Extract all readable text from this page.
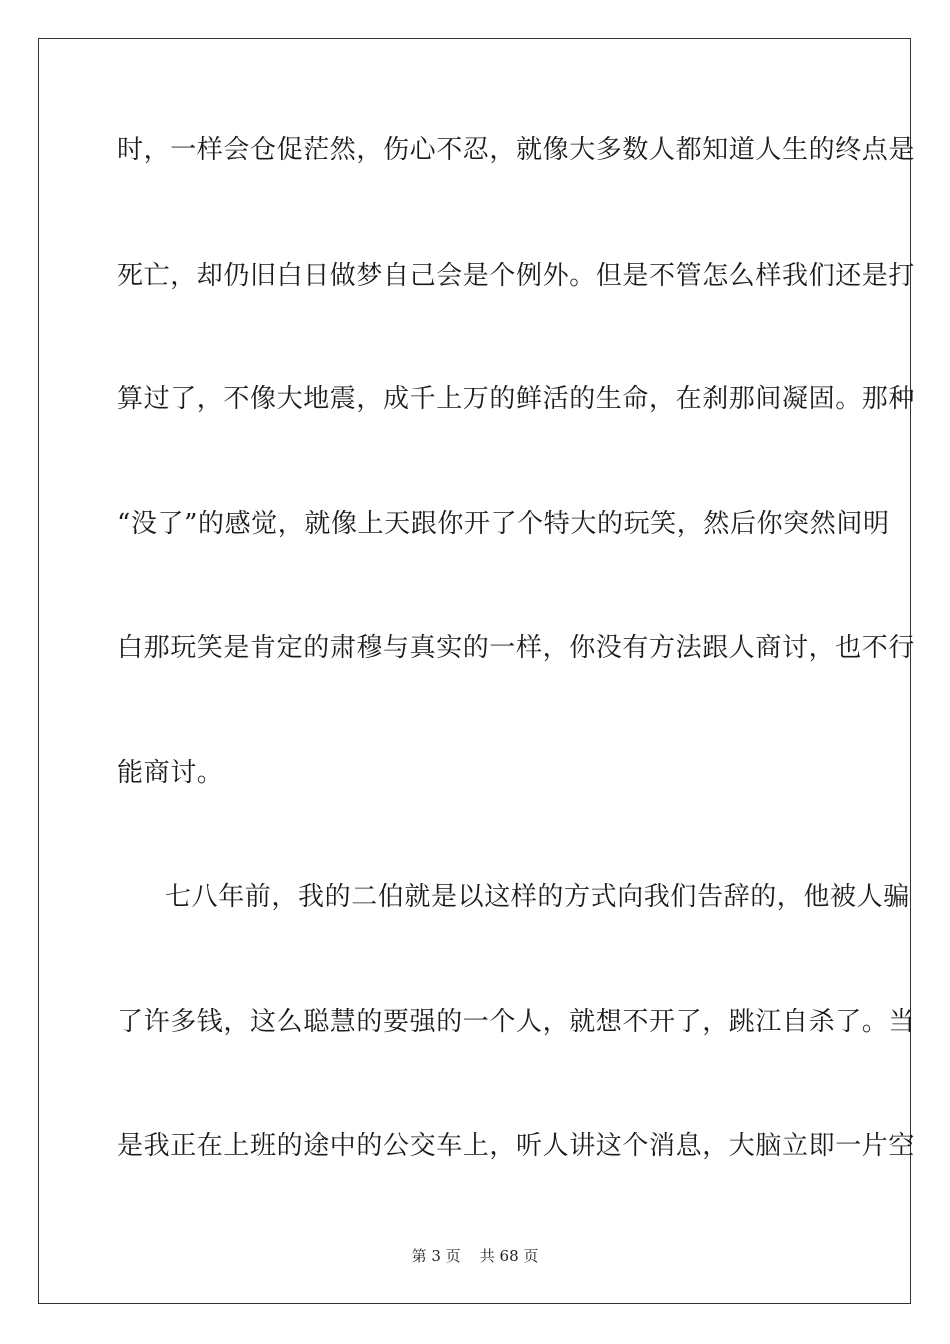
时，一样会仓促茫然，伤心不忍，就像大多数人都知道人生的终点是
死亡，却仍旧白日做梦自己会是个例外。但是不管怎么样我们还是打
算过了，不像大地震，成千上万的鲜活的生命，在刹那间凝固。那种
“没了”的感觉，就像上天跟你开了个特大的玩笑，然后你突然间明
白那玩笑是肯定的肃穆与真实的一样，你没有方法跟人商讨，也不行
能商讨。
七八年前，我的二伯就是以这样的方式向我们告辞的，他被人骗
了许多钱，这么聪慧的要强的一个人，就想不开了，跳江自杀了。当
是我正在上班的途中的公交车上，听人讲这个消息，大脑立即一片空
第 3 页 共 68 页
